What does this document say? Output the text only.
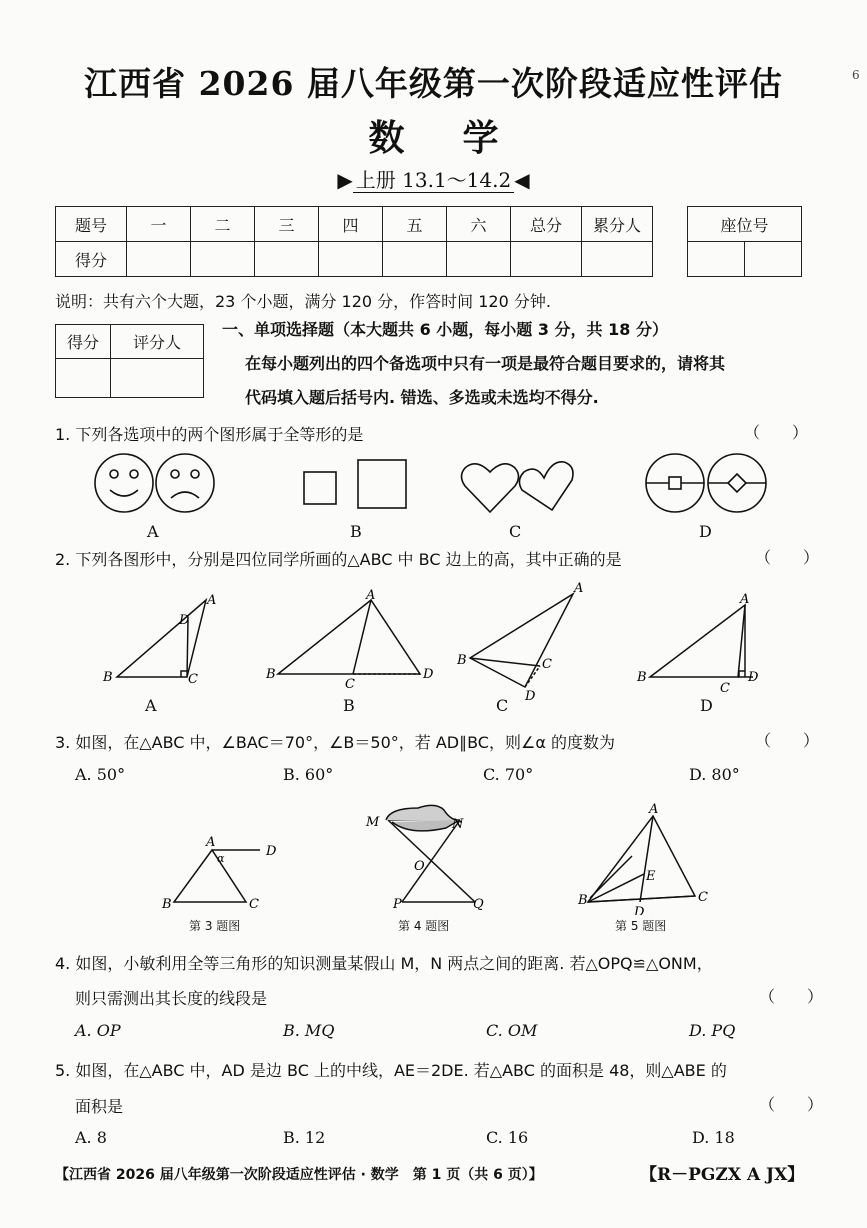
6
江西省 2026 届八年级第一次阶段适应性评估
数学
▶ 上册 13.1～14.2 ◀
题号	一	二	三	四	五	六	总分	累分人
得分								
座位号

说明：共有六个大题，23 个小题，满分 120 分，作答时间 120 分钟.
得分	评分人

一、单项选择题（本大题共 6 小题，每小题 3 分，共 18 分）
在每小题列出的四个备选项中只有一项是最符合题目要求的，请将其
代码填入题后括号内. 错选、多选或未选均不得分.
1. 下列各选项中的两个图形属于全等形的是	（　　）
A	B	C	D
2. 下列各图形中，分别是四位同学所画的△ABC 中 BC 边上的高，其中正确的是	（　　）
A
D
B	C
A
B
C
D
A
B	C
D
A
B
C
D
A	B	C	D
3. 如图，在△ABC 中，∠BAC＝70°，∠B＝50°，若 AD∥BC，则∠α 的度数为	（　　）
A. 50°	B. 60°	C. 70°	D. 80°
A
D
B	C
α
M	N
O
P	Q
A
B	C
D
E
第 3 题图	第 4 题图	第 5 题图
4. 如图，小敏利用全等三角形的知识测量某假山 M，N 两点之间的距离. 若△OPQ≌△ONM，
则只需测出其长度的线段是	（　　）
A. OP	B. MQ	C. OM	D. PQ
5. 如图，在△ABC 中，AD 是边 BC 上的中线，AE＝2DE. 若△ABC 的面积是 48，则△ABE 的
面积是	（　　）
A. 8	B. 12	C. 16	D. 18
【江西省 2026 届八年级第一次阶段适应性评估 · 数学　第 1 页（共 6 页）】	【R－PGZX A JX】
